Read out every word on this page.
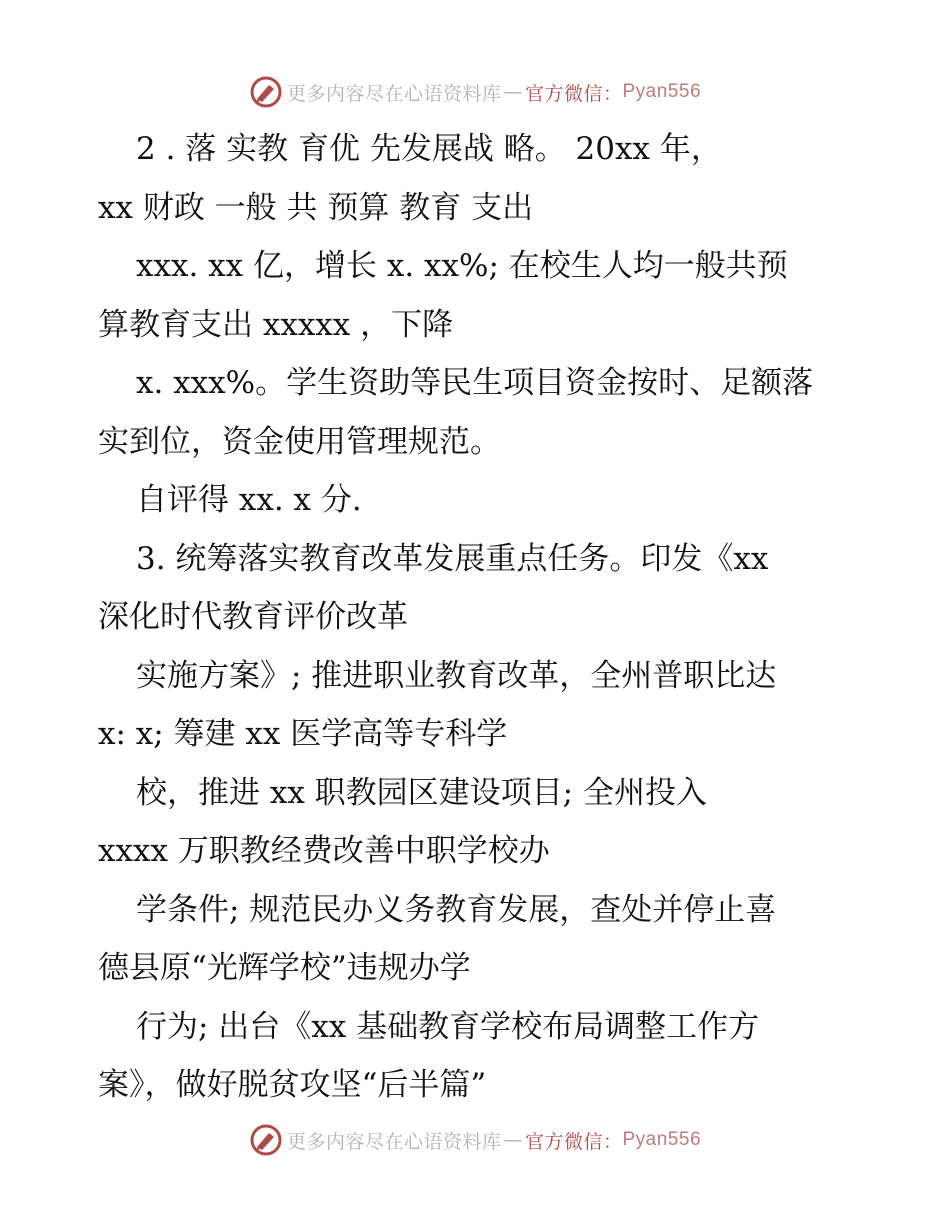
更多内容尽在心语资料库 — 官方微信： Pyan556
2 . 落 实教 育优 先发展战 略。 20xx 年，
xx 财政 一般 共 预算 教育 支出
xxx. xx 亿，增长 x. xx%; 在校生人均一般共预
算教育支出 xxxxx ，下降
x. xxx%。学生资助等民生项目资金按时、足额落
实到位，资金使用管理规范。
自评得 xx. x 分.
3. 统筹落实教育改革发展重点任务。印发《xx
深化时代教育评价改革
实施方案》; 推进职业教育改革，全州普职比达
x: x; 筹建 xx 医学高等专科学
校，推进 xx 职教园区建设项目; 全州投入
xxxx 万职教经费改善中职学校办
学条件; 规范民办义务教育发展，查处并停止喜
德县原“光辉学校”违规办学
行为; 出台《xx 基础教育学校布局调整工作方
案》，做好脱贫攻坚“后半篇”
更多内容尽在心语资料库 — 官方微信： Pyan556
